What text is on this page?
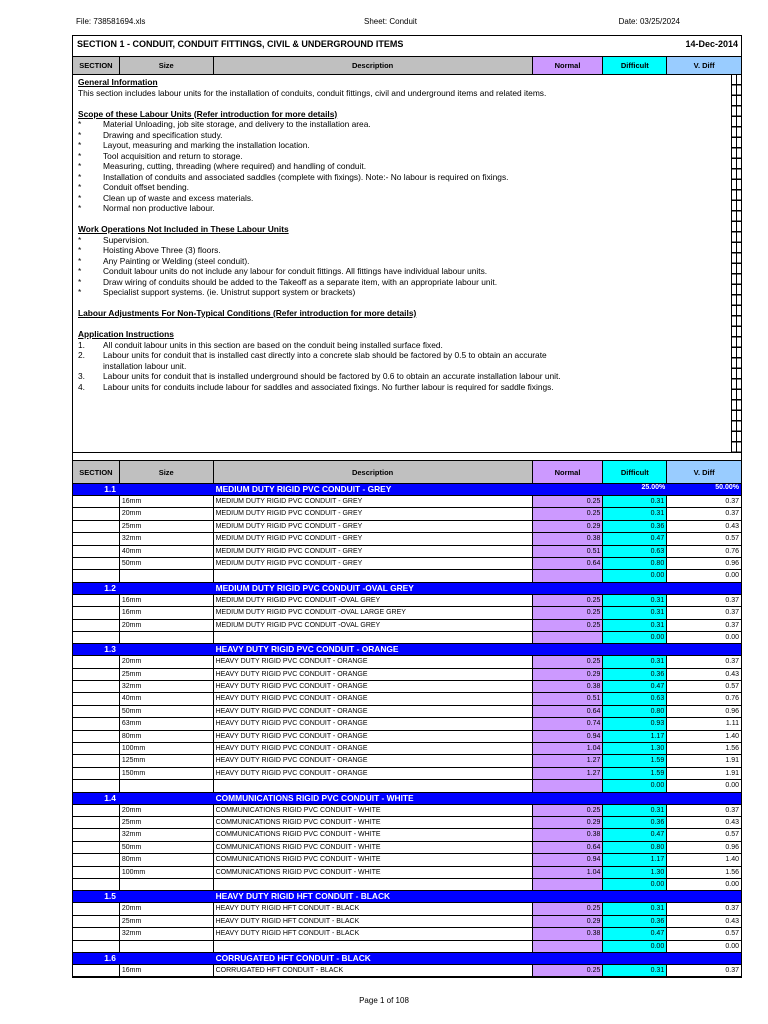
File: 738581694.xls	Sheet: Conduit	Date: 03/25/2024
SECTION 1 - CONDUIT, CONDUIT FITTINGS, CIVIL & UNDERGROUND ITEMS	14-Dec-2014
SECTION	Size	Description	Normal	Difficult	V. Diff
General Information
This section includes labour units for the installation of conduits, conduit fittings, civil and underground items and related items.
Scope of these Labour Units (Refer introduction for more details)
*	Material Unloading, job site storage, and delivery to the installation area.
*	Drawing and specification study.
*	Layout, measuring and marking the installation location.
*	Tool acquisition and return to storage.
*	Measuring, cutting, threading (where required) and handling of conduit.
*	Installation of conduits and associated saddles (complete with fixings). Note:- No labour is required on fixings.
*	Conduit offset bending.
*	Clean up of waste and excess materials.
*	Normal non productive labour.
Work Operations Not Included in These Labour Units
*	Supervision.
*	Hoisting Above Three (3) floors.
*	Any Painting or Welding (steel conduit).
*	Conduit labour units do not include any labour for conduit fittings. All fittings have individual labour units.
*	Draw wiring of conduits should be added to the Takeoff as a separate item, with an appropriate labour unit.
*	Specialist support systems. (ie. Unistrut support system or brackets)
Labour Adjustments For Non-Typical Conditions (Refer introduction for more details)
Application Instructions
1.	All conduit labour units in this section are based on the conduit being installed surface fixed.
2.	Labour units for conduit that is installed cast directly into a concrete slab should be factored by 0.5 to obtain an accurate
installation labour unit.
3.	Labour units for conduit that is installed underground should be factored by 0.6 to obtain an accurate installation labour unit.
4.	Labour units for conduits include labour for saddles and associated fixings. No further labour is required for saddle fixings.
SECTION	Size	Description	Normal	Difficult	V. Diff
1.1	MEDIUM DUTY RIGID PVC CONDUIT - GREY	25.00%	50.00%
16mm	MEDIUM DUTY RIGID PVC CONDUIT - GREY	0.25	0.31	0.37
20mm	MEDIUM DUTY RIGID PVC CONDUIT - GREY	0.25	0.31	0.37
25mm	MEDIUM DUTY RIGID PVC CONDUIT - GREY	0.29	0.36	0.43
32mm	MEDIUM DUTY RIGID PVC CONDUIT - GREY	0.38	0.47	0.57
40mm	MEDIUM DUTY RIGID PVC CONDUIT - GREY	0.51	0.63	0.76
50mm	MEDIUM DUTY RIGID PVC CONDUIT - GREY	0.64	0.80	0.96
0.00	0.00
1.2	MEDIUM DUTY RIGID PVC CONDUIT -OVAL GREY
16mm	MEDIUM DUTY RIGID PVC CONDUIT -OVAL GREY	0.25	0.31	0.37
16mm	MEDIUM DUTY RIGID PVC CONDUIT -OVAL LARGE GREY	0.25	0.31	0.37
20mm	MEDIUM DUTY RIGID PVC CONDUIT -OVAL GREY	0.25	0.31	0.37
0.00	0.00
1.3	HEAVY DUTY RIGID PVC CONDUIT - ORANGE
20mm	HEAVY DUTY RIGID PVC CONDUIT - ORANGE	0.25	0.31	0.37
25mm	HEAVY DUTY RIGID PVC CONDUIT - ORANGE	0.29	0.36	0.43
32mm	HEAVY DUTY RIGID PVC CONDUIT - ORANGE	0.38	0.47	0.57
40mm	HEAVY DUTY RIGID PVC CONDUIT - ORANGE	0.51	0.63	0.76
50mm	HEAVY DUTY RIGID PVC CONDUIT - ORANGE	0.64	0.80	0.96
63mm	HEAVY DUTY RIGID PVC CONDUIT - ORANGE	0.74	0.93	1.11
80mm	HEAVY DUTY RIGID PVC CONDUIT - ORANGE	0.94	1.17	1.40
100mm	HEAVY DUTY RIGID PVC CONDUIT - ORANGE	1.04	1.30	1.56
125mm	HEAVY DUTY RIGID PVC CONDUIT - ORANGE	1.27	1.59	1.91
150mm	HEAVY DUTY RIGID PVC CONDUIT - ORANGE	1.27	1.59	1.91
0.00	0.00
1.4	COMMUNICATIONS RIGID PVC CONDUIT - WHITE
20mm	COMMUNICATIONS RIGID PVC CONDUIT - WHITE	0.25	0.31	0.37
25mm	COMMUNICATIONS RIGID PVC CONDUIT - WHITE	0.29	0.36	0.43
32mm	COMMUNICATIONS RIGID PVC CONDUIT - WHITE	0.38	0.47	0.57
50mm	COMMUNICATIONS RIGID PVC CONDUIT - WHITE	0.64	0.80	0.96
80mm	COMMUNICATIONS RIGID PVC CONDUIT - WHITE	0.94	1.17	1.40
100mm	COMMUNICATIONS RIGID PVC CONDUIT - WHITE	1.04	1.30	1.56
0.00	0.00
1.5	HEAVY DUTY RIGID HFT CONDUIT - BLACK
20mm	HEAVY DUTY RIGID HFT CONDUIT - BLACK	0.25	0.31	0.37
25mm	HEAVY DUTY RIGID HFT CONDUIT - BLACK	0.29	0.36	0.43
32mm	HEAVY DUTY RIGID HFT CONDUIT - BLACK	0.38	0.47	0.57
0.00	0.00
1.6	CORRUGATED HFT CONDUIT - BLACK
16mm	CORRUGATED HFT CONDUIT - BLACK	0.25	0.31	0.37
Page 1 of 108
